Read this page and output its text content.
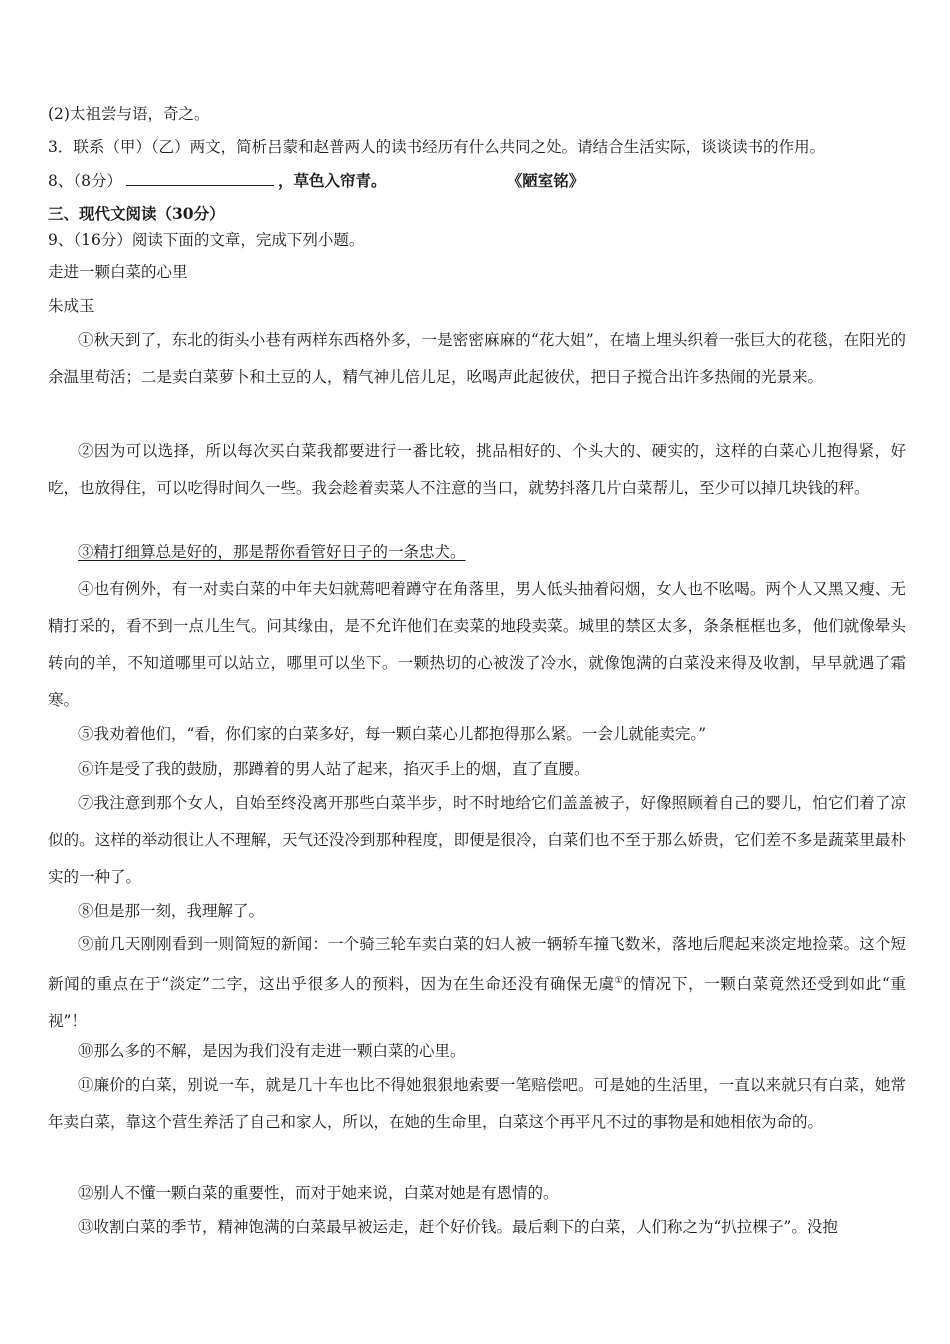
(2)太祖尝与语，奇之。
3．联系（甲）（乙）两文，简析吕蒙和赵普两人的读书经历有什么共同之处。请结合生活实际，谈谈读书的作用。
8、（8分）	，草色入帘青。	《陋室铭》
三、现代文阅读（30分）
9、（16分）阅读下面的文章，完成下列小题。
走进一颗白菜的心里
朱成玉
①秋天到了，东北的街头小巷有两样东西格外多，一是密密麻麻的“花大姐”，在墙上埋头织着一张巨大的花毯，在阳光的余温里苟活；二是卖白菜萝卜和土豆的人，精气神儿倍儿足，吆喝声此起彼伏，把日子搅合出许多热闹的光景来。
②因为可以选择，所以每次买白菜我都要进行一番比较，挑品相好的、个头大的、硬实的，这样的白菜心儿抱得紧，好吃，也放得住，可以吃得时间久一些。我会趁着卖菜人不注意的当口，就势抖落几片白菜帮儿，至少可以掉几块钱的秤。
③精打细算总是好的，那是帮你看管好日子的一条忠犬。
④也有例外，有一对卖白菜的中年夫妇就蔫吧着蹲守在角落里，男人低头抽着闷烟，女人也不吆喝。两个人又黑又瘦、无精打采的，看不到一点儿生气。问其缘由，是不允许他们在卖菜的地段卖菜。城里的禁区太多，条条框框也多，他们就像晕头转向的羊，不知道哪里可以站立，哪里可以坐下。一颗热切的心被泼了冷水，就像饱满的白菜没来得及收割，早早就遇了霜寒。
⑤我劝着他们，“看，你们家的白菜多好，每一颗白菜心儿都抱得那么紧。一会儿就能卖完。”
⑥许是受了我的鼓励，那蹲着的男人站了起来，掐灭手上的烟，直了直腰。
⑦我注意到那个女人，自始至终没离开那些白菜半步，时不时地给它们盖盖被子，好像照顾着自己的婴儿，怕它们着了凉似的。这样的举动很让人不理解，天气还没冷到那种程度，即便是很冷，白菜们也不至于那么娇贵，它们差不多是蔬菜里最朴实的一种了。
⑧但是那一刻，我理解了。
⑨前几天刚刚看到一则简短的新闻：一个骑三轮车卖白菜的妇人被一辆轿车撞飞数米，落地后爬起来淡定地捡菜。这个短新闻的重点在于“淡定”二字，这出乎很多人的预料，因为在生命还没有确保无虞①的情况下，一颗白菜竟然还受到如此“重视”！
⑩那么多的不解，是因为我们没有走进一颗白菜的心里。
⑪廉价的白菜，别说一车，就是几十车也比不得她狠狠地索要一笔赔偿吧。可是她的生活里，一直以来就只有白菜，她常年卖白菜，靠这个营生养活了自己和家人，所以，在她的生命里，白菜这个再平凡不过的事物是和她相依为命的。
⑫别人不懂一颗白菜的重要性，而对于她来说，白菜对她是有恩情的。
⑬收割白菜的季节，精神饱满的白菜最早被运走，赶个好价钱。最后剩下的白菜，人们称之为“扒拉棵子”。没抱
